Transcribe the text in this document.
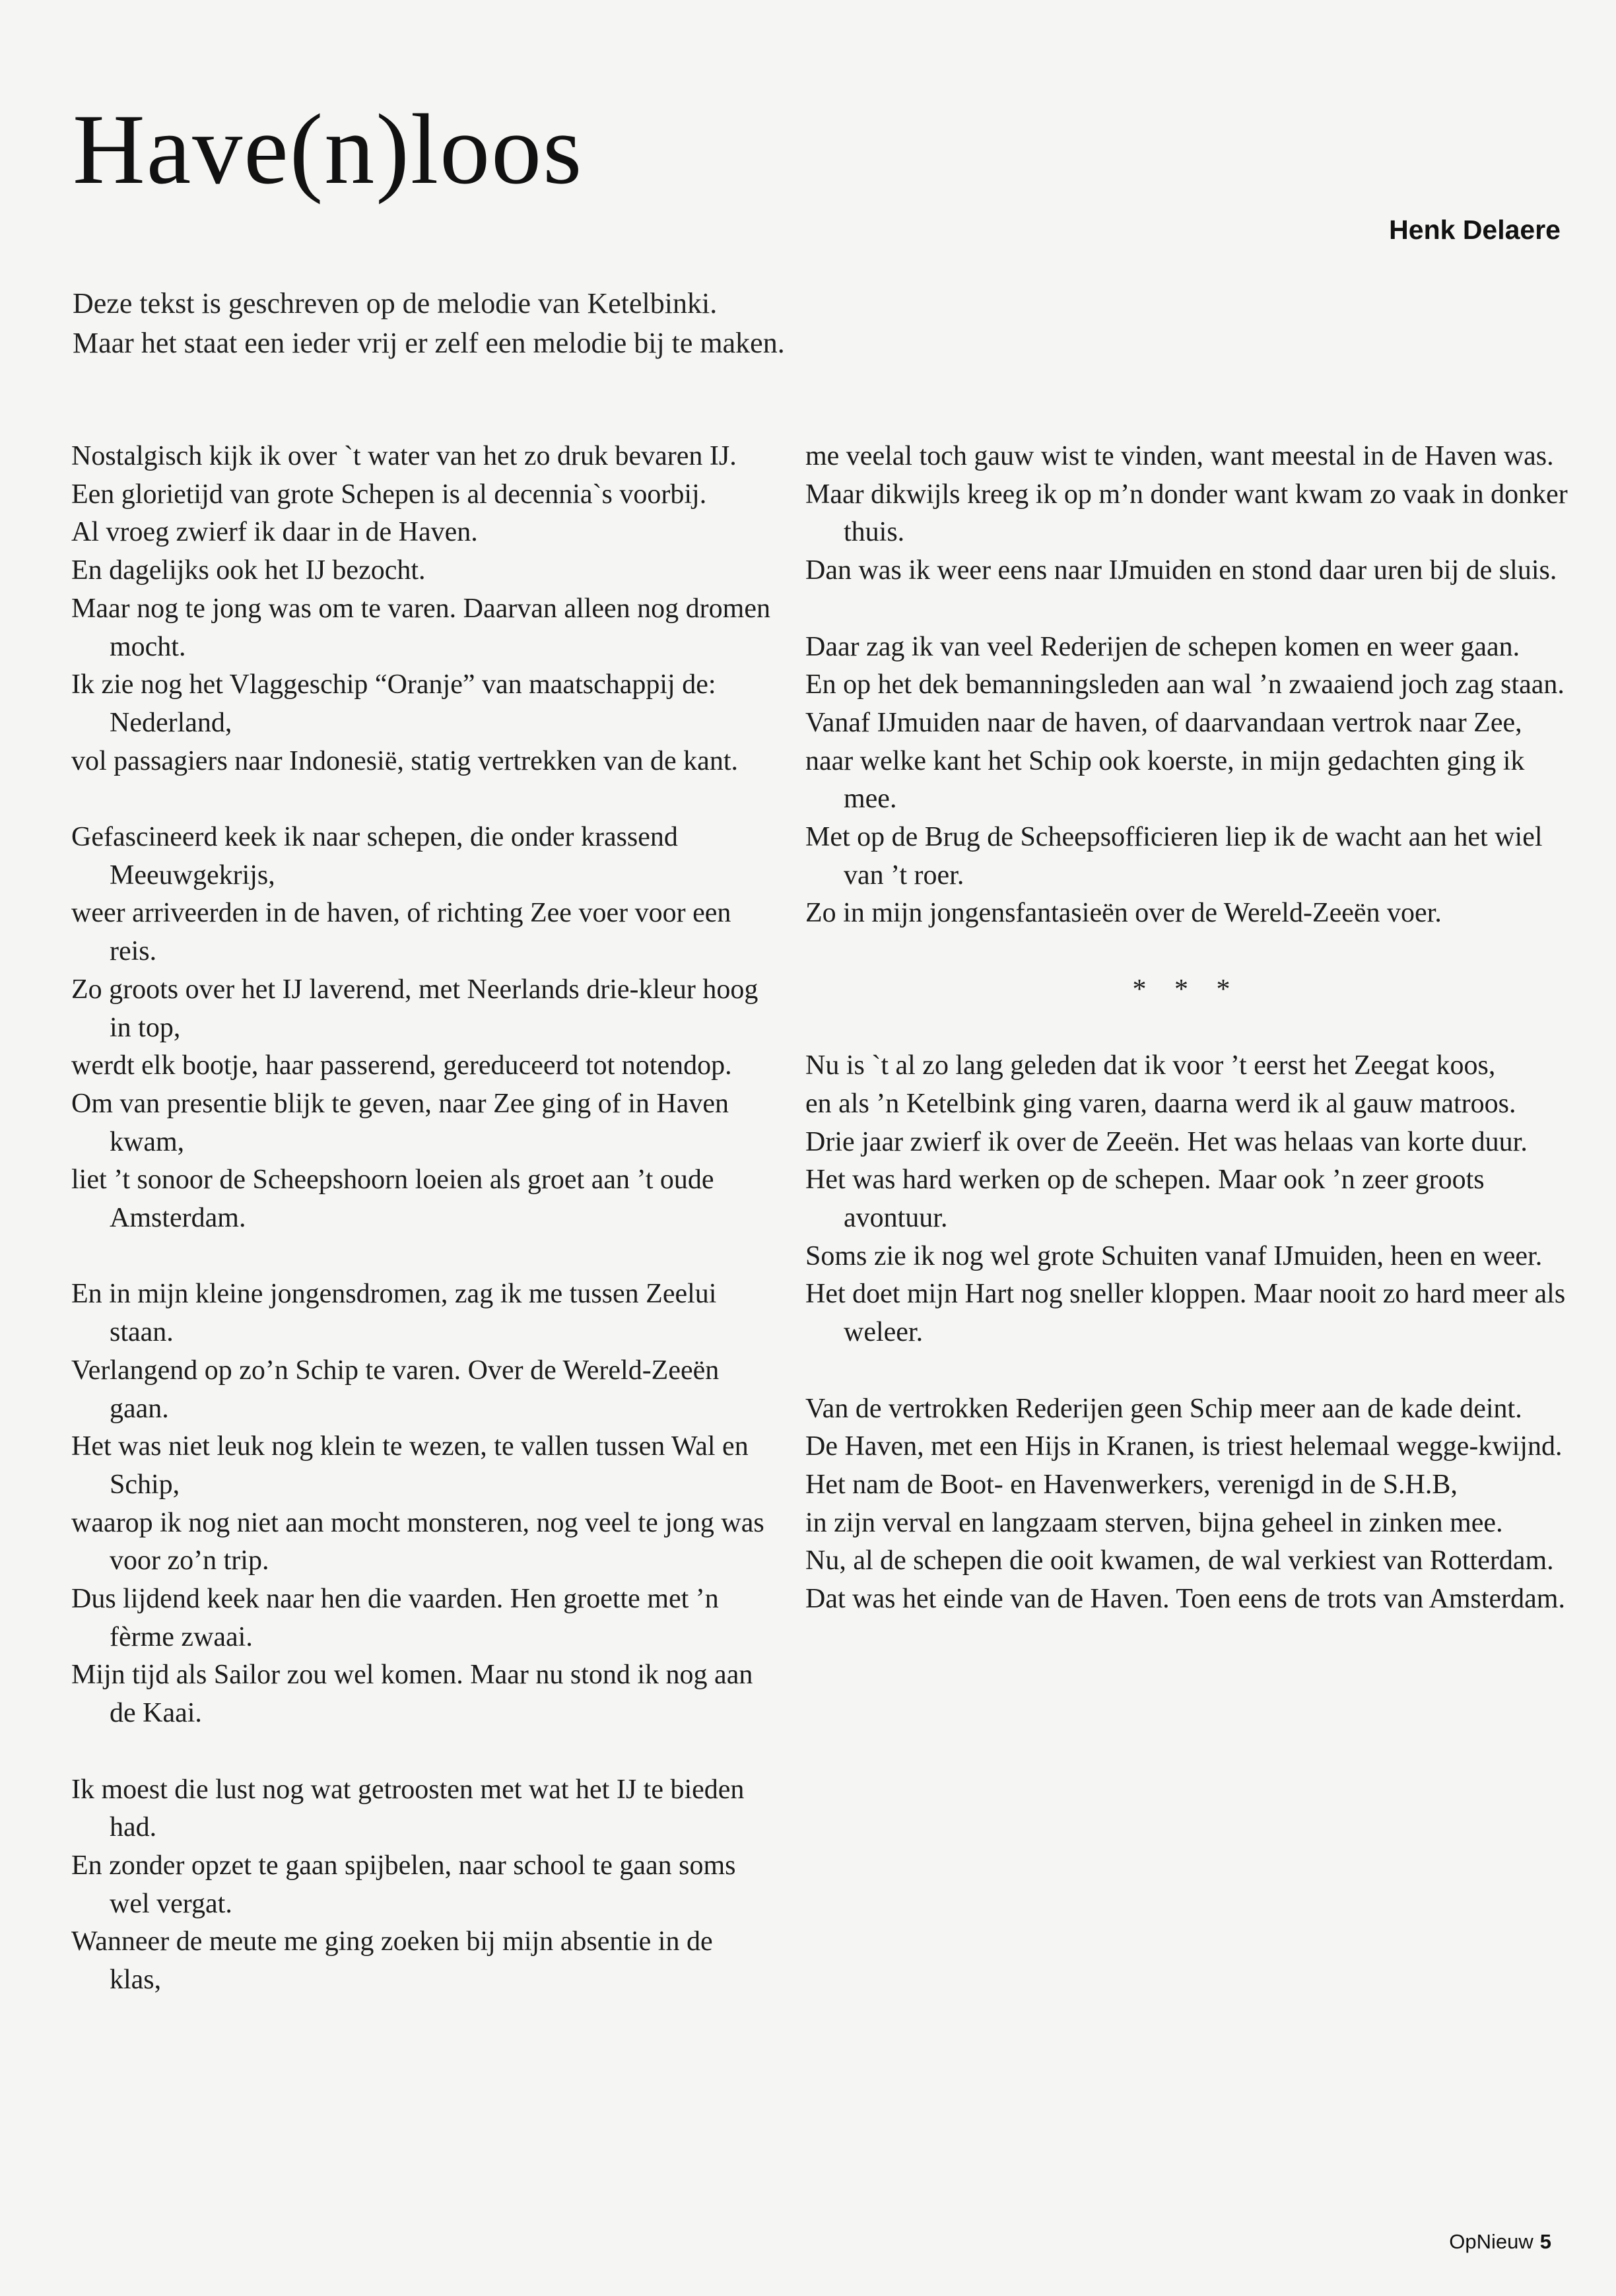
Have(n)loos
Henk Delaere
Deze tekst is geschreven op de melodie van Ketelbinki.
Maar het staat een ieder vrij er zelf een melodie bij te maken.
Nostalgisch kijk ik over `t water van het zo druk bevaren IJ.
Een glorietijd van grote Schepen is al decennia`s voorbij.
Al vroeg zwierf ik daar in de Haven.
En dagelijks ook het IJ bezocht.
Maar nog te jong was om te varen. Daarvan alleen nog dromen mocht.
Ik zie nog het Vlaggeschip “Oranje” van maatschappij de: Nederland,
vol passagiers naar Indonesië, statig vertrekken van de kant.
Gefascineerd keek ik naar schepen, die onder krassend Meeuwgekrijs,
weer arriveerden in de haven, of richting Zee voer voor een reis.
Zo groots over het IJ laverend, met Neerlands drie-kleur hoog in top,
werdt elk bootje, haar passerend, gereduceerd tot notendop.
Om van presentie blijk te geven, naar Zee ging of in Haven kwam,
liet ’t sonoor de Scheepshoorn loeien als groet aan ’t oude Amsterdam.
En in mijn kleine jongensdromen, zag ik me tussen Zeelui staan.
Verlangend op zo’n Schip te varen. Over de Wereld-Zeeën gaan.
Het was niet leuk nog klein te wezen, te vallen tussen Wal en Schip,
waarop ik nog niet aan mocht monsteren, nog veel te jong was voor zo’n trip.
Dus lijdend keek naar hen die vaarden. Hen groette met ’n fèrme zwaai.
Mijn tijd als Sailor zou wel komen. Maar nu stond ik nog aan de Kaai.
Ik moest die lust nog wat getroosten met wat het IJ te bieden had.
En zonder opzet te gaan spijbelen, naar school te gaan soms wel vergat.
Wanneer de meute me ging zoeken bij mijn absentie in de klas,
me veelal toch gauw wist te vinden, want meestal in de Haven was.
Maar dikwijls kreeg ik op m’n donder want kwam zo vaak in donker thuis.
Dan was ik weer eens naar IJmuiden en stond daar uren bij de sluis.
Daar zag ik van veel Rederijen de schepen komen en weer gaan.
En op het dek bemanningsleden aan wal ’n zwaaiend joch zag staan.
Vanaf IJmuiden naar de haven, of daarvandaan vertrok naar Zee,
naar welke kant het Schip ook koerste, in mijn gedachten ging ik mee.
Met op de Brug de Scheepsofficieren liep ik de wacht aan het wiel van ’t roer.
Zo in mijn jongensfantasieën over de Wereld-Zeeën voer.
* * *
Nu is `t al zo lang geleden dat ik voor ’t eerst het Zeegat koos,
en als ’n Ketelbink ging varen, daarna werd ik al gauw matroos.
Drie jaar zwierf ik over de Zeeën. Het was helaas van korte duur.
Het was hard werken op de schepen. Maar ook ’n zeer groots avontuur.
Soms zie ik nog wel grote Schuiten vanaf IJmuiden, heen en weer.
Het doet mijn Hart nog sneller kloppen. Maar nooit zo hard meer als weleer.
Van de vertrokken Rederijen geen Schip meer aan de kade deint.
De Haven, met een Hijs in Kranen, is triest helemaal wegge-kwijnd.
Het nam de Boot- en Havenwerkers, verenigd in de S.H.B,
in zijn verval en langzaam sterven, bijna geheel in zinken mee.
Nu, al de schepen die ooit kwamen, de wal verkiest van Rotterdam.
Dat was het einde van de Haven. Toen eens de trots van Amsterdam.
OpNieuw 5
